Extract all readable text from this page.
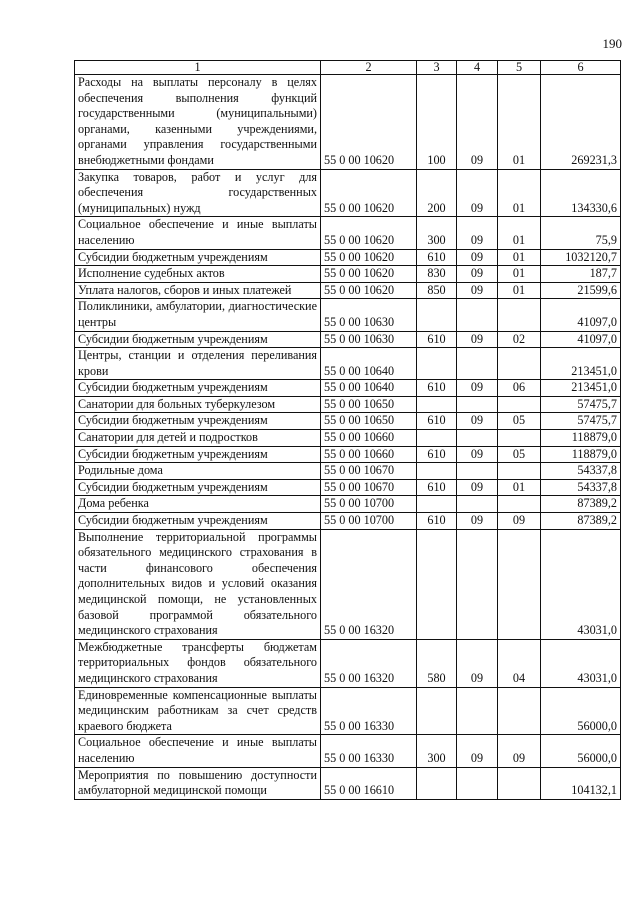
190
1	2	3	4	5	6
Расходы на выплаты персоналу в целях обеспечения выполнения функций государственными (муниципальными) органами, казенными учреждениями, органами управления государственными внебюджетными фондами	55 0 00 10620	100	09	01	269231,3
Закупка товаров, работ и услуг для обеспечения государственных (муниципальных) нужд	55 0 00 10620	200	09	01	134330,6
Социальное обеспечение и иные выплаты населению	55 0 00 10620	300	09	01	75,9
Субсидии бюджетным учреждениям	55 0 00 10620	610	09	01	1032120,7
Исполнение судебных актов	55 0 00 10620	830	09	01	187,7
Уплата налогов, сборов и иных платежей	55 0 00 10620	850	09	01	21599,6
Поликлиники, амбулатории, диагностические центры	55 0 00 10630				41097,0
Субсидии бюджетным учреждениям	55 0 00 10630	610	09	02	41097,0
Центры, станции и отделения переливания крови	55 0 00 10640				213451,0
Субсидии бюджетным учреждениям	55 0 00 10640	610	09	06	213451,0
Санатории для больных туберкулезом	55 0 00 10650				57475,7
Субсидии бюджетным учреждениям	55 0 00 10650	610	09	05	57475,7
Санатории для детей и подростков	55 0 00 10660				118879,0
Субсидии бюджетным учреждениям	55 0 00 10660	610	09	05	118879,0
Родильные дома	55 0 00 10670				54337,8
Субсидии бюджетным учреждениям	55 0 00 10670	610	09	01	54337,8
Дома ребенка	55 0 00 10700				87389,2
Субсидии бюджетным учреждениям	55 0 00 10700	610	09	09	87389,2
Выполнение территориальной программы обязательного медицинского страхования в части финансового обеспечения дополнительных видов и условий оказания медицинской помощи, не установленных базовой программой обязательного медицинского страхования	55 0 00 16320				43031,0
Межбюджетные трансферты бюджетам территориальных фондов обязательного медицинского страхования	55 0 00 16320	580	09	04	43031,0
Единовременные компенсационные выплаты медицинским работникам за счет средств краевого бюджета	55 0 00 16330				56000,0
Социальное обеспечение и иные выплаты населению	55 0 00 16330	300	09	09	56000,0
Мероприятия по повышению доступности амбулаторной медицинской помощи	55 0 00 16610				104132,1
